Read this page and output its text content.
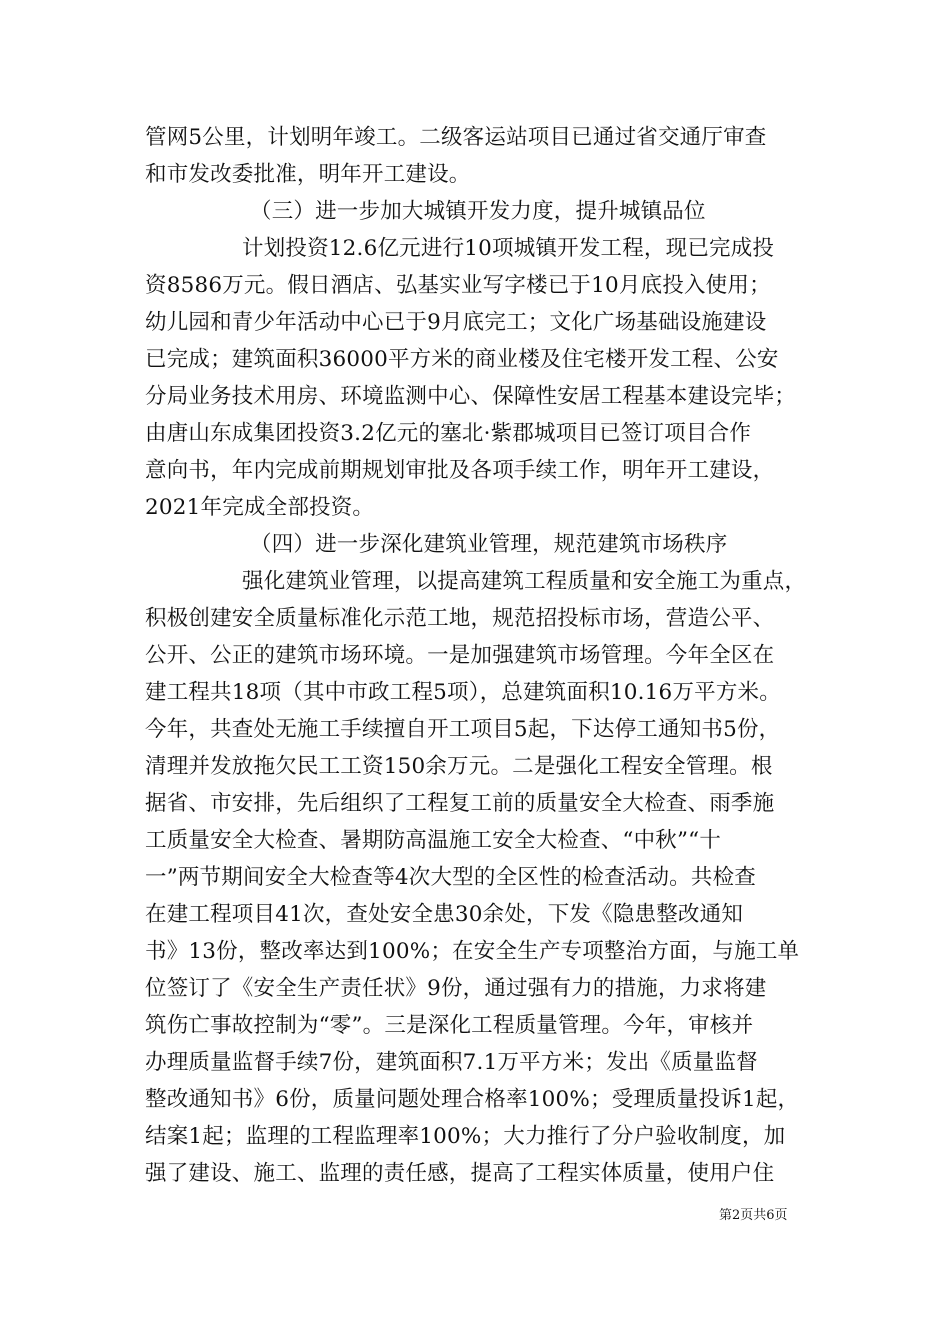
管网5公里，计划明年竣工。二级客运站项目已通过省交通厅审查
和市发改委批准，明年开工建设。
（三）进一步加大城镇开发力度，提升城镇品位
计划投资12.6亿元进行10项城镇开发工程，现已完成投
资8586万元。假日酒店、弘基实业写字楼已于10月底投入使用；
幼儿园和青少年活动中心已于9月底完工；文化广场基础设施建设
已完成；建筑面积36000平方米的商业楼及住宅楼开发工程、公安
分局业务技术用房、环境监测中心、保障性安居工程基本建设完毕；
由唐山东成集团投资3.2亿元的塞北·紫郡城项目已签订项目合作
意向书，年内完成前期规划审批及各项手续工作，明年开工建设，
2021年完成全部投资。
（四）进一步深化建筑业管理，规范建筑市场秩序
强化建筑业管理，以提高建筑工程质量和安全施工为重点，
积极创建安全质量标准化示范工地，规范招投标市场，营造公平、
公开、公正的建筑市场环境。一是加强建筑市场管理。今年全区在
建工程共18项（其中市政工程5项），总建筑面积10.16万平方米。
今年，共查处无施工手续擅自开工项目5起，下达停工通知书5份，
清理并发放拖欠民工工资150余万元。二是强化工程安全管理。根
据省、市安排，先后组织了工程复工前的质量安全大检查、雨季施
工质量安全大检查、暑期防高温施工安全大检查、“中秋”“十
一”两节期间安全大检查等4次大型的全区性的检查活动。共检查
在建工程项目41次，查处安全患30余处，下发《隐患整改通知
书》13份，整改率达到100%；在安全生产专项整治方面，与施工单
位签订了《安全生产责任状》9份，通过强有力的措施，力求将建
筑伤亡事故控制为“零”。三是深化工程质量管理。今年，审核并
办理质量监督手续7份，建筑面积7.1万平方米；发出《质量监督
整改通知书》6份，质量问题处理合格率100%；受理质量投诉1起，
结案1起；监理的工程监理率100%；大力推行了分户验收制度，加
强了建设、施工、监理的责任感，提高了工程实体质量，使用户住
第2页共6页
